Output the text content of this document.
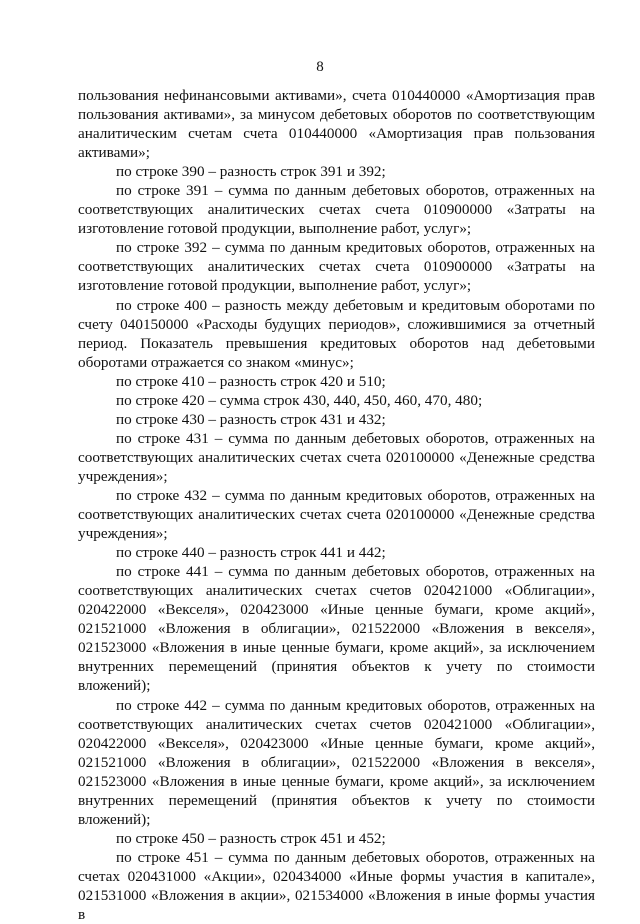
8

пользования нефинансовыми активами», счета 010440000 «Амортизация прав пользования активами», за минусом дебетовых оборотов по соответствующим аналитическим счетам счета 010440000 «Амортизация прав пользования активами»;

по строке 390 – разность строк 391 и 392;

по строке 391 – сумма по данным дебетовых оборотов, отраженных на соответствующих аналитических счетах счета 010900000 «Затраты на изготовление готовой продукции, выполнение работ, услуг»;

по строке 392 – сумма по данным кредитовых оборотов, отраженных на соответствующих аналитических счетах счета 010900000 «Затраты на изготовление готовой продукции, выполнение работ, услуг»;

по строке 400 – разность между дебетовым и кредитовым оборотами по счету 040150000 «Расходы будущих периодов», сложившимися за отчетный период. Показатель превышения кредитовых оборотов над дебетовыми оборотами отражается со знаком «минус»;

по строке 410 – разность строк 420 и 510;

по строке 420 – сумма строк 430, 440, 450, 460, 470, 480;

по строке 430 – разность строк 431 и 432;

по строке 431 – сумма по данным дебетовых оборотов, отраженных на соответствующих аналитических счетах счета 020100000 «Денежные средства учреждения»;

по строке 432 – сумма по данным кредитовых оборотов, отраженных на соответствующих аналитических счетах счета 020100000 «Денежные средства учреждения»;

по строке 440 – разность строк 441 и 442;

по строке 441 – сумма по данным дебетовых оборотов, отраженных на соответствующих аналитических счетах счетов 020421000 «Облигации», 020422000 «Векселя», 020423000 «Иные ценные бумаги, кроме акций», 021521000 «Вложения в облигации», 021522000 «Вложения в векселя», 021523000 «Вложения в иные ценные бумаги, кроме акций», за исключением внутренних перемещений (принятия объектов к учету по стоимости вложений);

по строке 442 – сумма по данным кредитовых оборотов, отраженных на соответствующих аналитических счетах счетов 020421000 «Облигации», 020422000 «Векселя», 020423000 «Иные ценные бумаги, кроме акций», 021521000 «Вложения в облигации», 021522000 «Вложения в векселя», 021523000 «Вложения в иные ценные бумаги, кроме акций», за исключением внутренних перемещений (принятия объектов к учету по стоимости вложений);

по строке 450 – разность строк 451 и 452;

по строке 451 – сумма по данным дебетовых оборотов, отраженных на счетах 020431000 «Акции», 020434000 «Иные формы участия в капитале», 021531000 «Вложения в акции», 021534000 «Вложения в иные формы участия в
